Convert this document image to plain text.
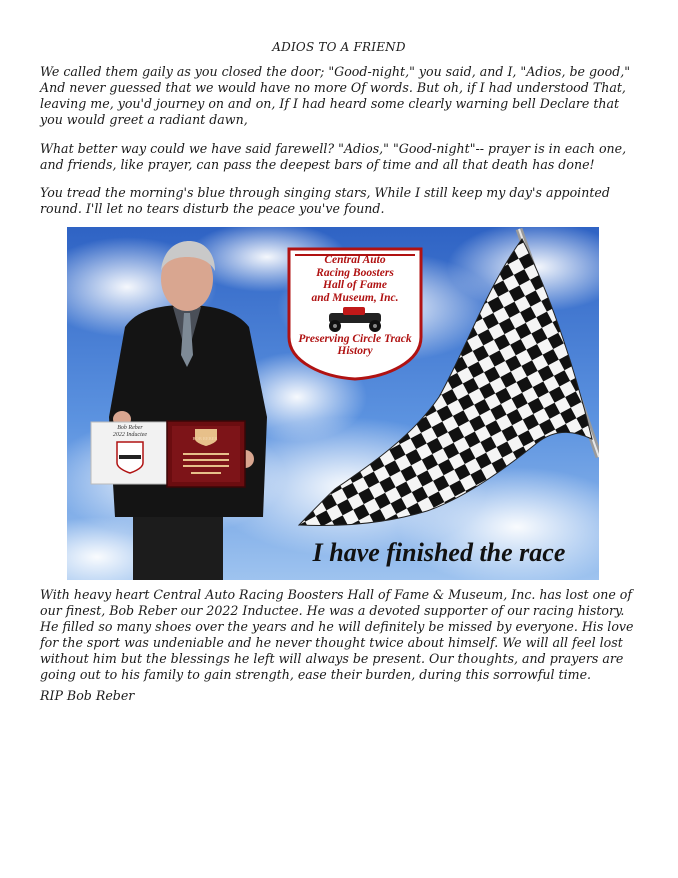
ADIOS TO A FRIEND

We called them gaily as you closed the door; "Good-night," you said, and I, "Adios, be good,"
And never guessed that we would have no more Of words. But oh, if I had understood That,
leaving me, you'd journey on and on, If I had heard some clearly warning bell Declare that
you would greet a radiant dawn,

What better way could we have said farewell? "Adios," "Good-night"-- prayer is in each one,
and friends, like prayer, can pass the deepest bars of time and all that death has done!

You tread the morning's blue through singing stars, While I still keep my day's appointed
round. I'll let no tears disturb the peace you've found.

Central Auto
Racing Boosters
Hall of Fame
and Museum, Inc.
Preserving Circle Track
History
Bob Reber
2022 Inductee
BOB REBER
I have finished the race

With heavy heart Central Auto Racing Boosters Hall of Fame & Museum, Inc. has lost one of
our finest, Bob Reber our 2022 Inductee. He was a devoted supporter of our racing history.
He filled so many shoes over the years and he will definitely be missed by everyone. His love
for the sport was undeniable and he never thought twice about himself. We will all feel lost
without him but the blessings he left will always be present. Our thoughts, and prayers are
going out to his family to gain strength, ease their burden, during this sorrowful time.

RIP Bob Reber
